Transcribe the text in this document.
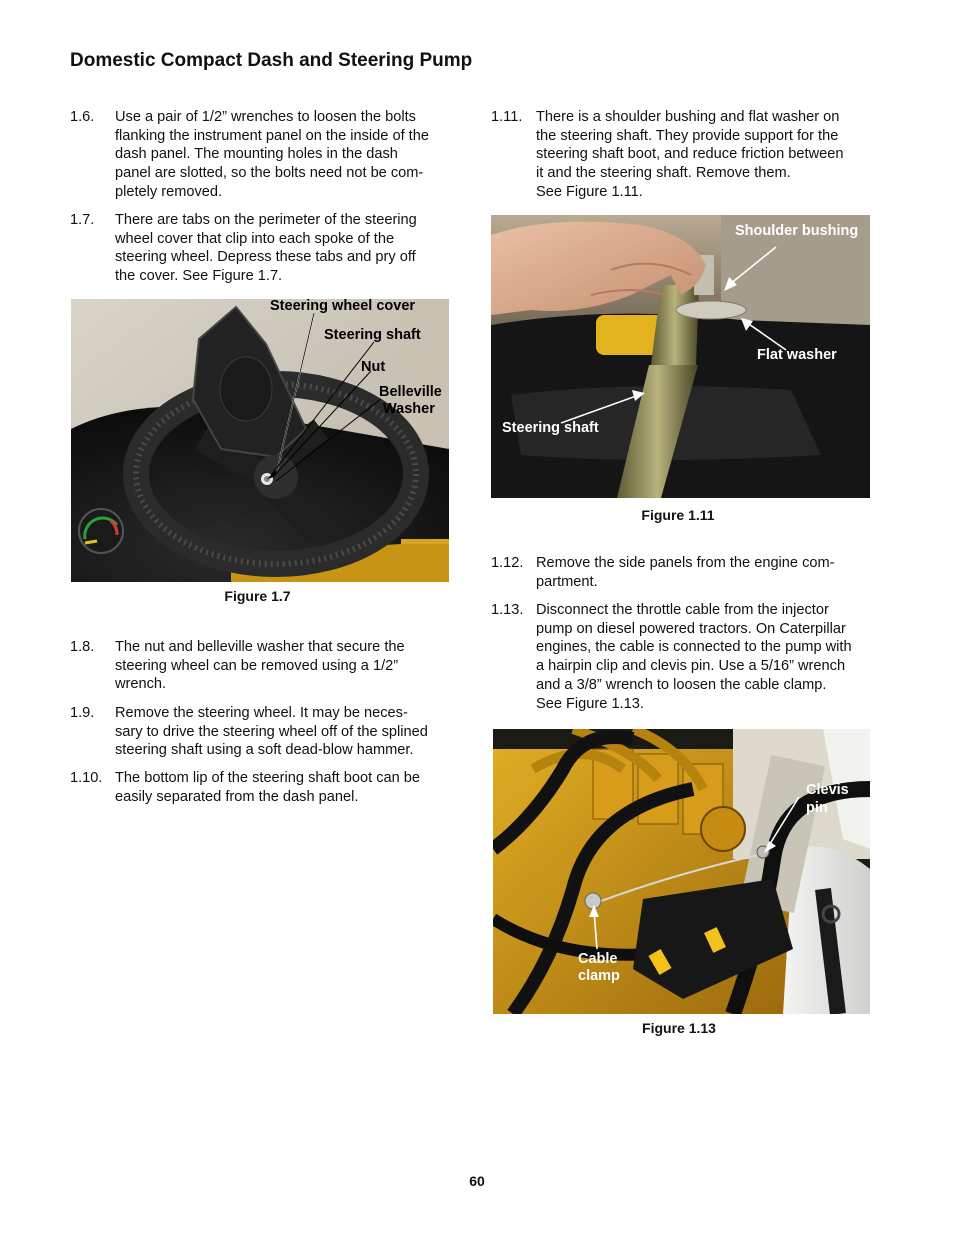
Domestic Compact Dash and Steering Pump
1.6. Use a pair of 1/2” wrenches to loosen the bolts
flanking the instrument panel on the inside of the
dash panel. The mounting holes in the dash
panel are slotted, so the bolts need not be com-
pletely removed.
1.7. There are tabs on the perimeter of the steering
wheel cover that clip into each spoke of the
steering wheel. Depress these tabs and pry off
the cover. See Figure 1.7.
Steering wheel cover
Steering shaft
Nut
Belleville
Washer
Figure 1.7
1.8. The nut and belleville washer that secure the
steering wheel can be removed using a 1/2”
wrench.
1.9. Remove the steering wheel. It may be neces-
sary to drive the steering wheel off of the splined
steering shaft using a soft dead-blow hammer.
1.10. The bottom lip of the steering shaft boot can be
easily separated from the dash panel.
1.11. There is a shoulder bushing and flat washer on
the steering shaft. They provide support for the
steering shaft boot, and reduce friction between
it and the steering shaft. Remove them.
See Figure 1.11.
Shoulder bushing
Flat washer
Steering shaft
Figure 1.11
1.12. Remove the side panels from the engine com-
partment.
1.13. Disconnect the throttle cable from the injector
pump on diesel powered tractors. On Caterpillar
engines, the cable is connected to the pump with
a hairpin clip and clevis pin. Use a 5/16” wrench
and a 3/8” wrench to loosen the cable clamp.
See Figure 1.13.
Clevis
pin
Cable
clamp
Figure 1.13
60
